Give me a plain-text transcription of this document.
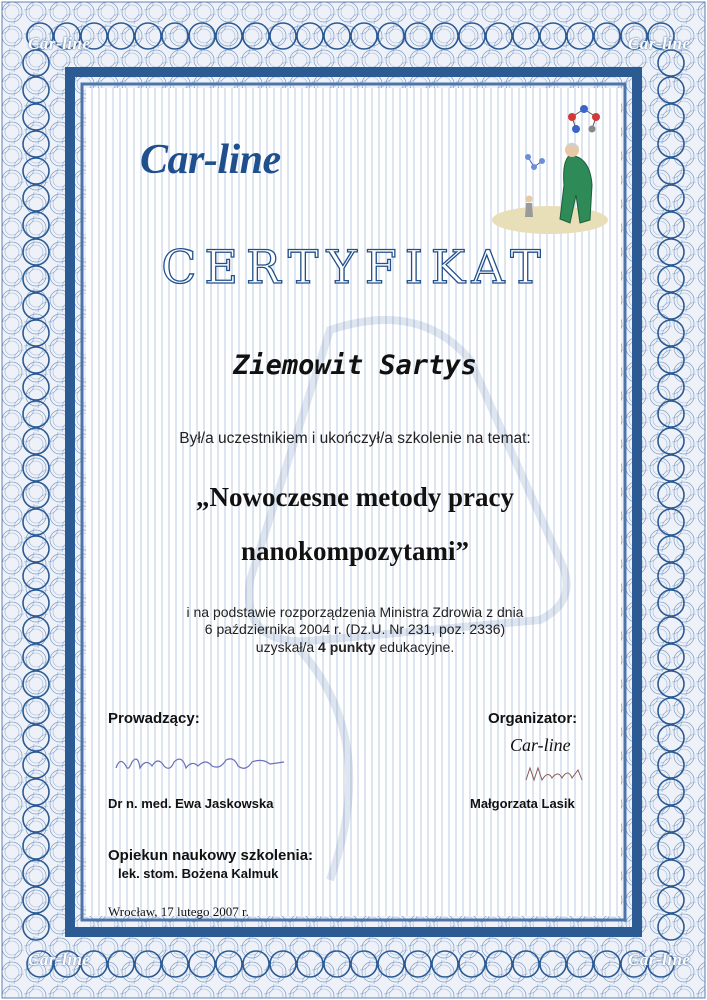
Car-line	Car-line
Car-line	Car-line
Car-line
CERTYFIKAT
Ziemowit Sartys
Był/a uczestnikiem i ukończył/a szkolenie na temat:
„Nowoczesne metody pracy
nanokompozytami”
i na podstawie rozporządzenia Ministra Zdrowia z dnia
6 października 2004 r. (Dz.U. Nr 231, poz. 2336)
uzyskał/a 4 punkty edukacyjne.
Prowadzący:	Organizator:
Car-line
Dr n. med. Ewa Jaskowska	Małgorzata Lasik
Opiekun naukowy szkolenia:
lek. stom. Bożena Kalmuk
Wrocław, 17 lutego 2007 r.
